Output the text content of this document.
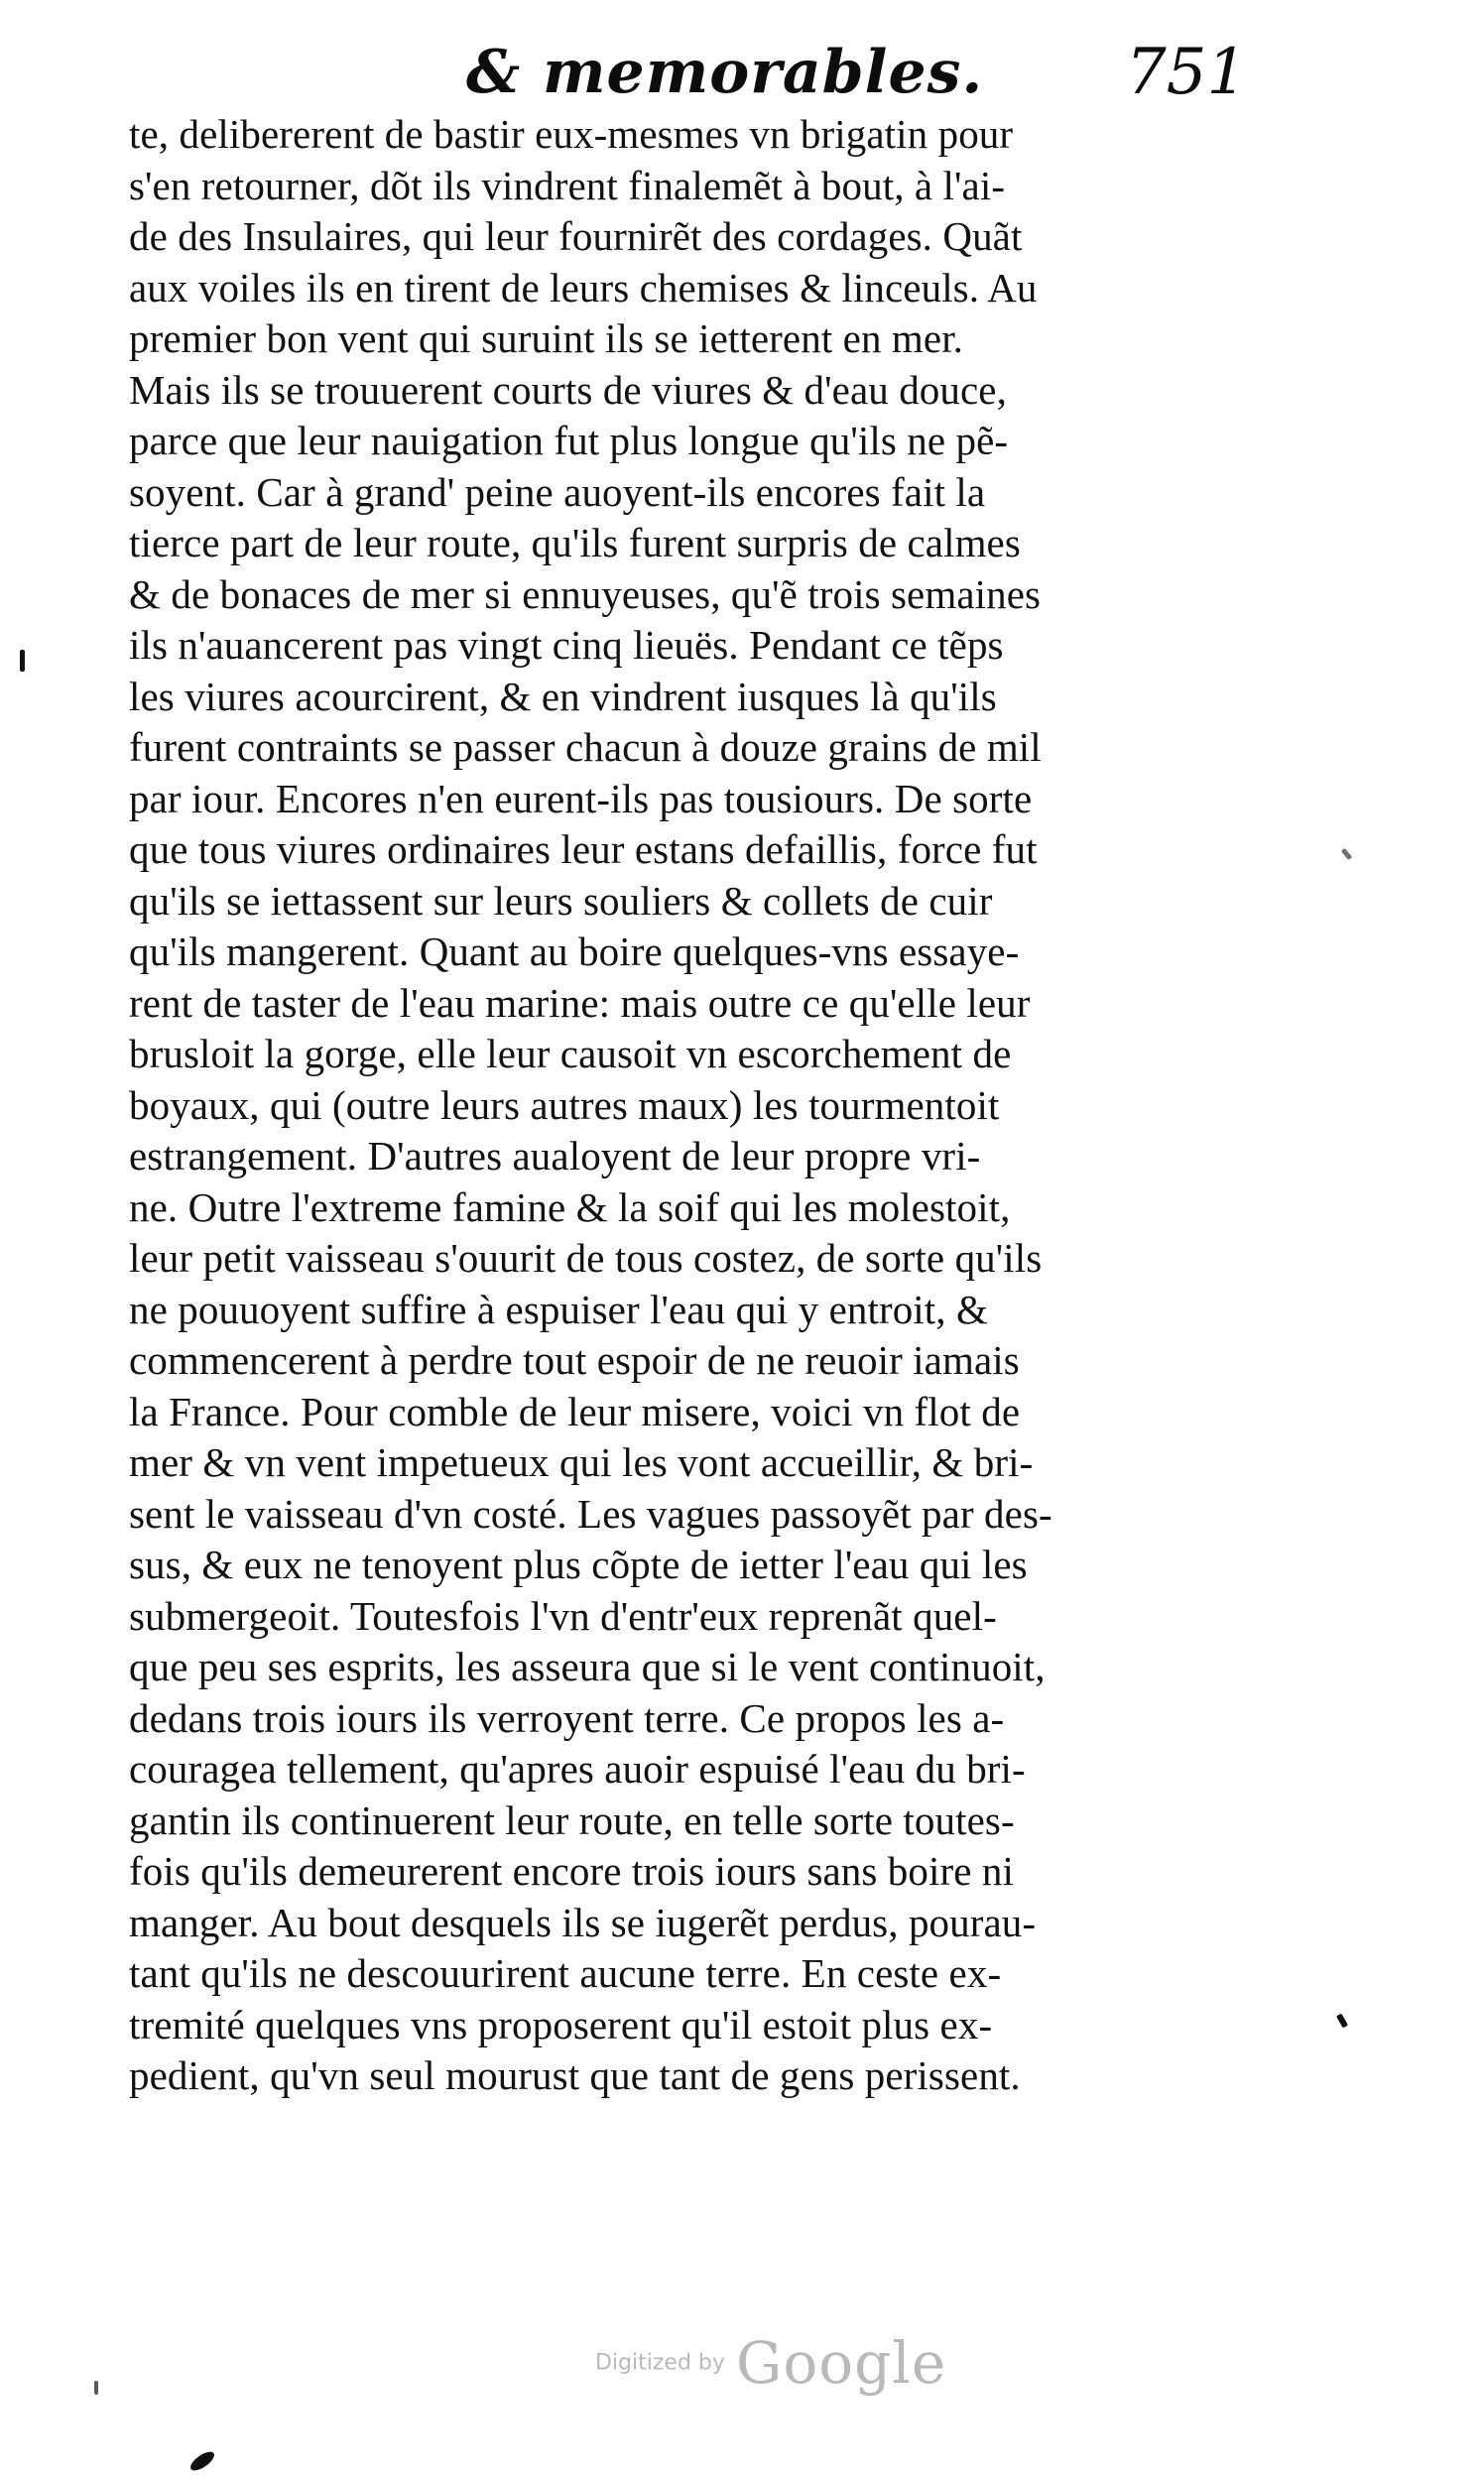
& memorables.	751
te, delibererent de bastir eux-mesmes vn brigatin pour
s'en retourner, dõt ils vindrent finalemẽt à bout, à l'ai-
de des Insulaires, qui leur fournirẽt des cordages. Quãt
aux voiles ils en tirent de leurs chemises & linceuls. Au
premier bon vent qui suruint ils se ietterent en mer.
Mais ils se trouuerent courts de viures & d'eau douce,
parce que leur nauigation fut plus longue qu'ils ne pẽ-
soyent. Car à grand' peine auoyent-ils encores fait la
tierce part de leur route, qu'ils furent surpris de calmes
& de bonaces de mer si ennuyeuses, qu'ẽ trois semaines
ils n'auancerent pas vingt cinq lieuës. Pendant ce tẽps
les viures acourcirent, & en vindrent iusques là qu'ils
furent contraints se passer chacun à douze grains de mil
par iour. Encores n'en eurent-ils pas tousiours. De sorte
que tous viures ordinaires leur estans defaillis, force fut
qu'ils se iettassent sur leurs souliers & collets de cuir
qu'ils mangerent. Quant au boire quelques-vns essaye-
rent de taster de l'eau marine: mais outre ce qu'elle leur
brusloit la gorge, elle leur causoit vn escorchement de
boyaux, qui (outre leurs autres maux) les tourmentoit
estrangement. D'autres aualoyent de leur propre vri-
ne. Outre l'extreme famine & la soif qui les molestoit,
leur petit vaisseau s'ouurit de tous costez, de sorte qu'ils
ne pouuoyent suffire à espuiser l'eau qui y entroit, &
commencerent à perdre tout espoir de ne reuoir iamais
la France. Pour comble de leur misere, voici vn flot de
mer & vn vent impetueux qui les vont accueillir, & bri-
sent le vaisseau d'vn costé. Les vagues passoyẽt par des-
sus, & eux ne tenoyent plus cõpte de ietter l'eau qui les
submergeoit. Toutesfois l'vn d'entr'eux reprenãt quel-
que peu ses esprits, les asseura que si le vent continuoit,
dedans trois iours ils verroyent terre. Ce propos les a-
couragea tellement, qu'apres auoir espuisé l'eau du bri-
gantin ils continuerent leur route, en telle sorte toutes-
fois qu'ils demeurerent encore trois iours sans boire ni
manger. Au bout desquels ils se iugerẽt perdus, pourau-
tant qu'ils ne descouurirent aucune terre. En ceste ex-
tremité quelques vns proposerent qu'il estoit plus ex-
pedient, qu'vn seul mourust que tant de gens perissent.
Digitized by Google
